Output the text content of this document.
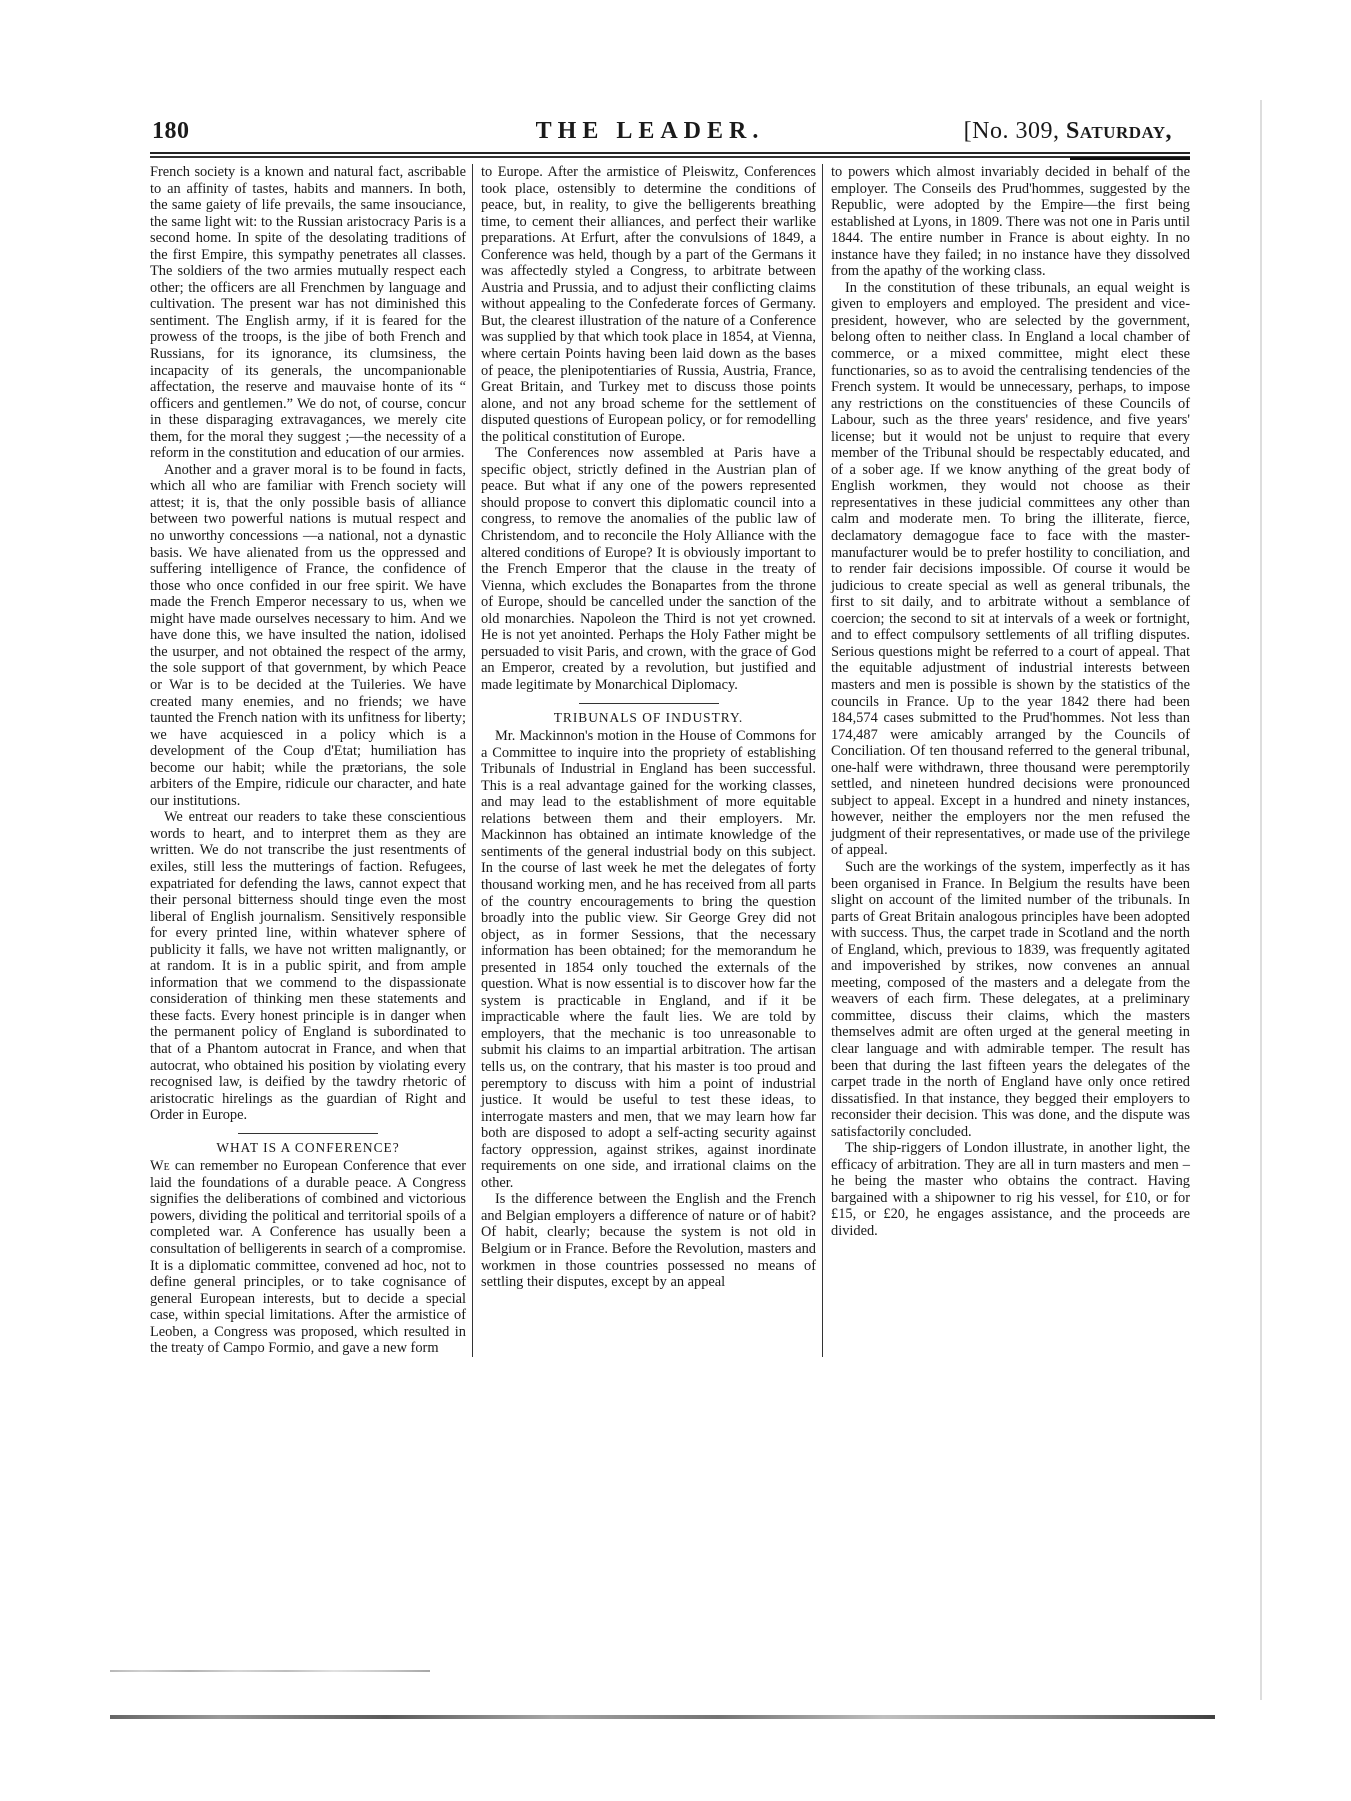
180	THE LEADER.	[No. 309, Saturday,

French society is a known and natural fact, ascribable to an affinity of tastes, habits and manners. In both, the same gaiety of life prevails, the same insouciance, the same light wit: to the Russian aristocracy Paris is a second home. In spite of the desolating traditions of the first Empire, this sympathy penetrates all classes. The soldiers of the two armies mutually respect each other; the officers are all Frenchmen by language and cultivation. The present war has not diminished this sentiment. The English army, if it is feared for the prowess of the troops, is the jibe of both French and Russians, for its ignorance, its clumsiness, the incapacity of its generals, the uncompanionable affectation, the reserve and mauvaise honte of its “ officers and gentlemen.” We do not, of course, concur in these disparaging extravagances, we merely cite them, for the moral they suggest ;—the necessity of a reform in the constitution and education of our armies.

Another and a graver moral is to be found in facts, which all who are familiar with French society will attest; it is, that the only possible basis of alliance between two powerful nations is mutual respect and no unworthy concessions —a national, not a dynastic basis. We have alienated from us the oppressed and suffering intelligence of France, the confidence of those who once confided in our free spirit. We have made the French Emperor necessary to us, when we might have made ourselves necessary to him. And we have done this, we have insulted the nation, idolised the usurper, and not obtained the respect of the army, the sole support of that government, by which Peace or War is to be decided at the Tuileries. We have created many enemies, and no friends; we have taunted the French nation with its unfitness for liberty; we have acquiesced in a policy which is a development of the Coup d'Etat; humiliation has become our habit; while the prætorians, the sole arbiters of the Empire, ridicule our character, and hate our institutions.

We entreat our readers to take these conscientious words to heart, and to interpret them as they are written. We do not transcribe the just resentments of exiles, still less the mutterings of faction. Refugees, expatriated for defending the laws, cannot expect that their personal bitterness should tinge even the most liberal of English journalism. Sensitively responsible for every printed line, within whatever sphere of publicity it falls, we have not written malignantly, or at random. It is in a public spirit, and from ample information that we commend to the dispassionate consideration of thinking men these statements and these facts. Every honest principle is in danger when the permanent policy of England is subordinated to that of a Phantom autocrat in France, and when that autocrat, who obtained his position by violating every recognised law, is deified by the tawdry rhetoric of aristocratic hirelings as the guardian of Right and Order in Europe.

WHAT IS A CONFERENCE?

We can remember no European Conference that ever laid the foundations of a durable peace. A Congress signifies the deliberations of combined and victorious powers, dividing the political and territorial spoils of a completed war. A Conference has usually been a consultation of belligerents in search of a compromise. It is a diplomatic committee, convened ad hoc, not to define general principles, or to take cognisance of general European interests, but to decide a special case, within special limitations. After the armistice of Leoben, a Congress was proposed, which resulted in the treaty of Campo Formio, and gave a new form

to Europe. After the armistice of Pleiswitz, Conferences took place, ostensibly to determine the conditions of peace, but, in reality, to give the belligerents breathing time, to cement their alliances, and perfect their warlike preparations. At Erfurt, after the convulsions of 1849, a Conference was held, though by a part of the Germans it was affectedly styled a Congress, to arbitrate between Austria and Prussia, and to adjust their conflicting claims without appealing to the Confederate forces of Germany. But, the clearest illustration of the nature of a Conference was supplied by that which took place in 1854, at Vienna, where certain Points having been laid down as the bases of peace, the plenipotentiaries of Russia, Austria, France, Great Britain, and Turkey met to discuss those points alone, and not any broad scheme for the settlement of disputed questions of European policy, or for remodelling the political constitution of Europe.

The Conferences now assembled at Paris have a specific object, strictly defined in the Austrian plan of peace. But what if any one of the powers represented should propose to convert this diplomatic council into a congress, to remove the anomalies of the public law of Christendom, and to reconcile the Holy Alliance with the altered conditions of Europe? It is obviously important to the French Emperor that the clause in the treaty of Vienna, which excludes the Bonapartes from the throne of Europe, should be cancelled under the sanction of the old monarchies. Napoleon the Third is not yet crowned. He is not yet anointed. Perhaps the Holy Father might be persuaded to visit Paris, and crown, with the grace of God an Emperor, created by a revolution, but justified and made legitimate by Monarchical Diplomacy.

TRIBUNALS OF INDUSTRY.

Mr. Mackinnon's motion in the House of Commons for a Committee to inquire into the propriety of establishing Tribunals of Industrial in England has been successful. This is a real advantage gained for the working classes, and may lead to the establishment of more equitable relations between them and their employers. Mr. Mackinnon has obtained an intimate knowledge of the sentiments of the general industrial body on this subject. In the course of last week he met the delegates of forty thousand working men, and he has received from all parts of the country encouragements to bring the question broadly into the public view. Sir George Grey did not object, as in former Sessions, that the necessary information has been obtained; for the memorandum he presented in 1854 only touched the externals of the question. What is now essential is to discover how far the system is practicable in England, and if it be impracticable where the fault lies. We are told by employers, that the mechanic is too unreasonable to submit his claims to an impartial arbitration. The artisan tells us, on the contrary, that his master is too proud and peremptory to discuss with him a point of industrial justice. It would be useful to test these ideas, to interrogate masters and men, that we may learn how far both are disposed to adopt a self-acting security against factory oppression, against strikes, against inordinate requirements on one side, and irrational claims on the other.

Is the difference between the English and the French and Belgian employers a difference of nature or of habit? Of habit, clearly; because the system is not old in Belgium or in France. Before the Revolution, masters and workmen in those countries possessed no means of settling their disputes, except by an appeal

to powers which almost invariably decided in behalf of the employer. The Conseils des Prud'hommes, suggested by the Republic, were adopted by the Empire—the first being established at Lyons, in 1809. There was not one in Paris until 1844. The entire number in France is about eighty. In no instance have they failed; in no instance have they dissolved from the apathy of the working class.

In the constitution of these tribunals, an equal weight is given to employers and employed. The president and vice-president, however, who are selected by the government, belong often to neither class. In England a local chamber of commerce, or a mixed committee, might elect these functionaries, so as to avoid the centralising tendencies of the French system. It would be unnecessary, perhaps, to impose any restrictions on the constituencies of these Councils of Labour, such as the three years' residence, and five years' license; but it would not be unjust to require that every member of the Tribunal should be respectably educated, and of a sober age. If we know anything of the great body of English workmen, they would not choose as their representatives in these judicial committees any other than calm and moderate men. To bring the illiterate, fierce, declamatory demagogue face to face with the master-manufacturer would be to prefer hostility to conciliation, and to render fair decisions impossible. Of course it would be judicious to create special as well as general tribunals, the first to sit daily, and to arbitrate without a semblance of coercion; the second to sit at intervals of a week or fortnight, and to effect compulsory settlements of all trifling disputes. Serious questions might be referred to a court of appeal. That the equitable adjustment of industrial interests between masters and men is possible is shown by the statistics of the councils in France. Up to the year 1842 there had been 184,574 cases submitted to the Prud'hommes. Not less than 174,487 were amicably arranged by the Councils of Conciliation. Of ten thousand referred to the general tribunal, one-half were withdrawn, three thousand were peremptorily settled, and nineteen hundred decisions were pronounced subject to appeal. Except in a hundred and ninety instances, however, neither the employers nor the men refused the judgment of their representatives, or made use of the privilege of appeal.

Such are the workings of the system, imperfectly as it has been organised in France. In Belgium the results have been slight on account of the limited number of the tribunals. In parts of Great Britain analogous principles have been adopted with success. Thus, the carpet trade in Scotland and the north of England, which, previous to 1839, was frequently agitated and impoverished by strikes, now convenes an annual meeting, composed of the masters and a delegate from the weavers of each firm. These delegates, at a preliminary committee, discuss their claims, which the masters themselves admit are often urged at the general meeting in clear language and with admirable temper. The result has been that during the last fifteen years the delegates of the carpet trade in the north of England have only once retired dissatisfied. In that instance, they begged their employers to reconsider their decision. This was done, and the dispute was satisfactorily concluded.

The ship-riggers of London illustrate, in another light, the efficacy of arbitration. They are all in turn masters and men – he being the master who obtains the contract. Having bargained with a shipowner to rig his vessel, for £10, or for £15, or £20, he engages assistance, and the proceeds are divided.
